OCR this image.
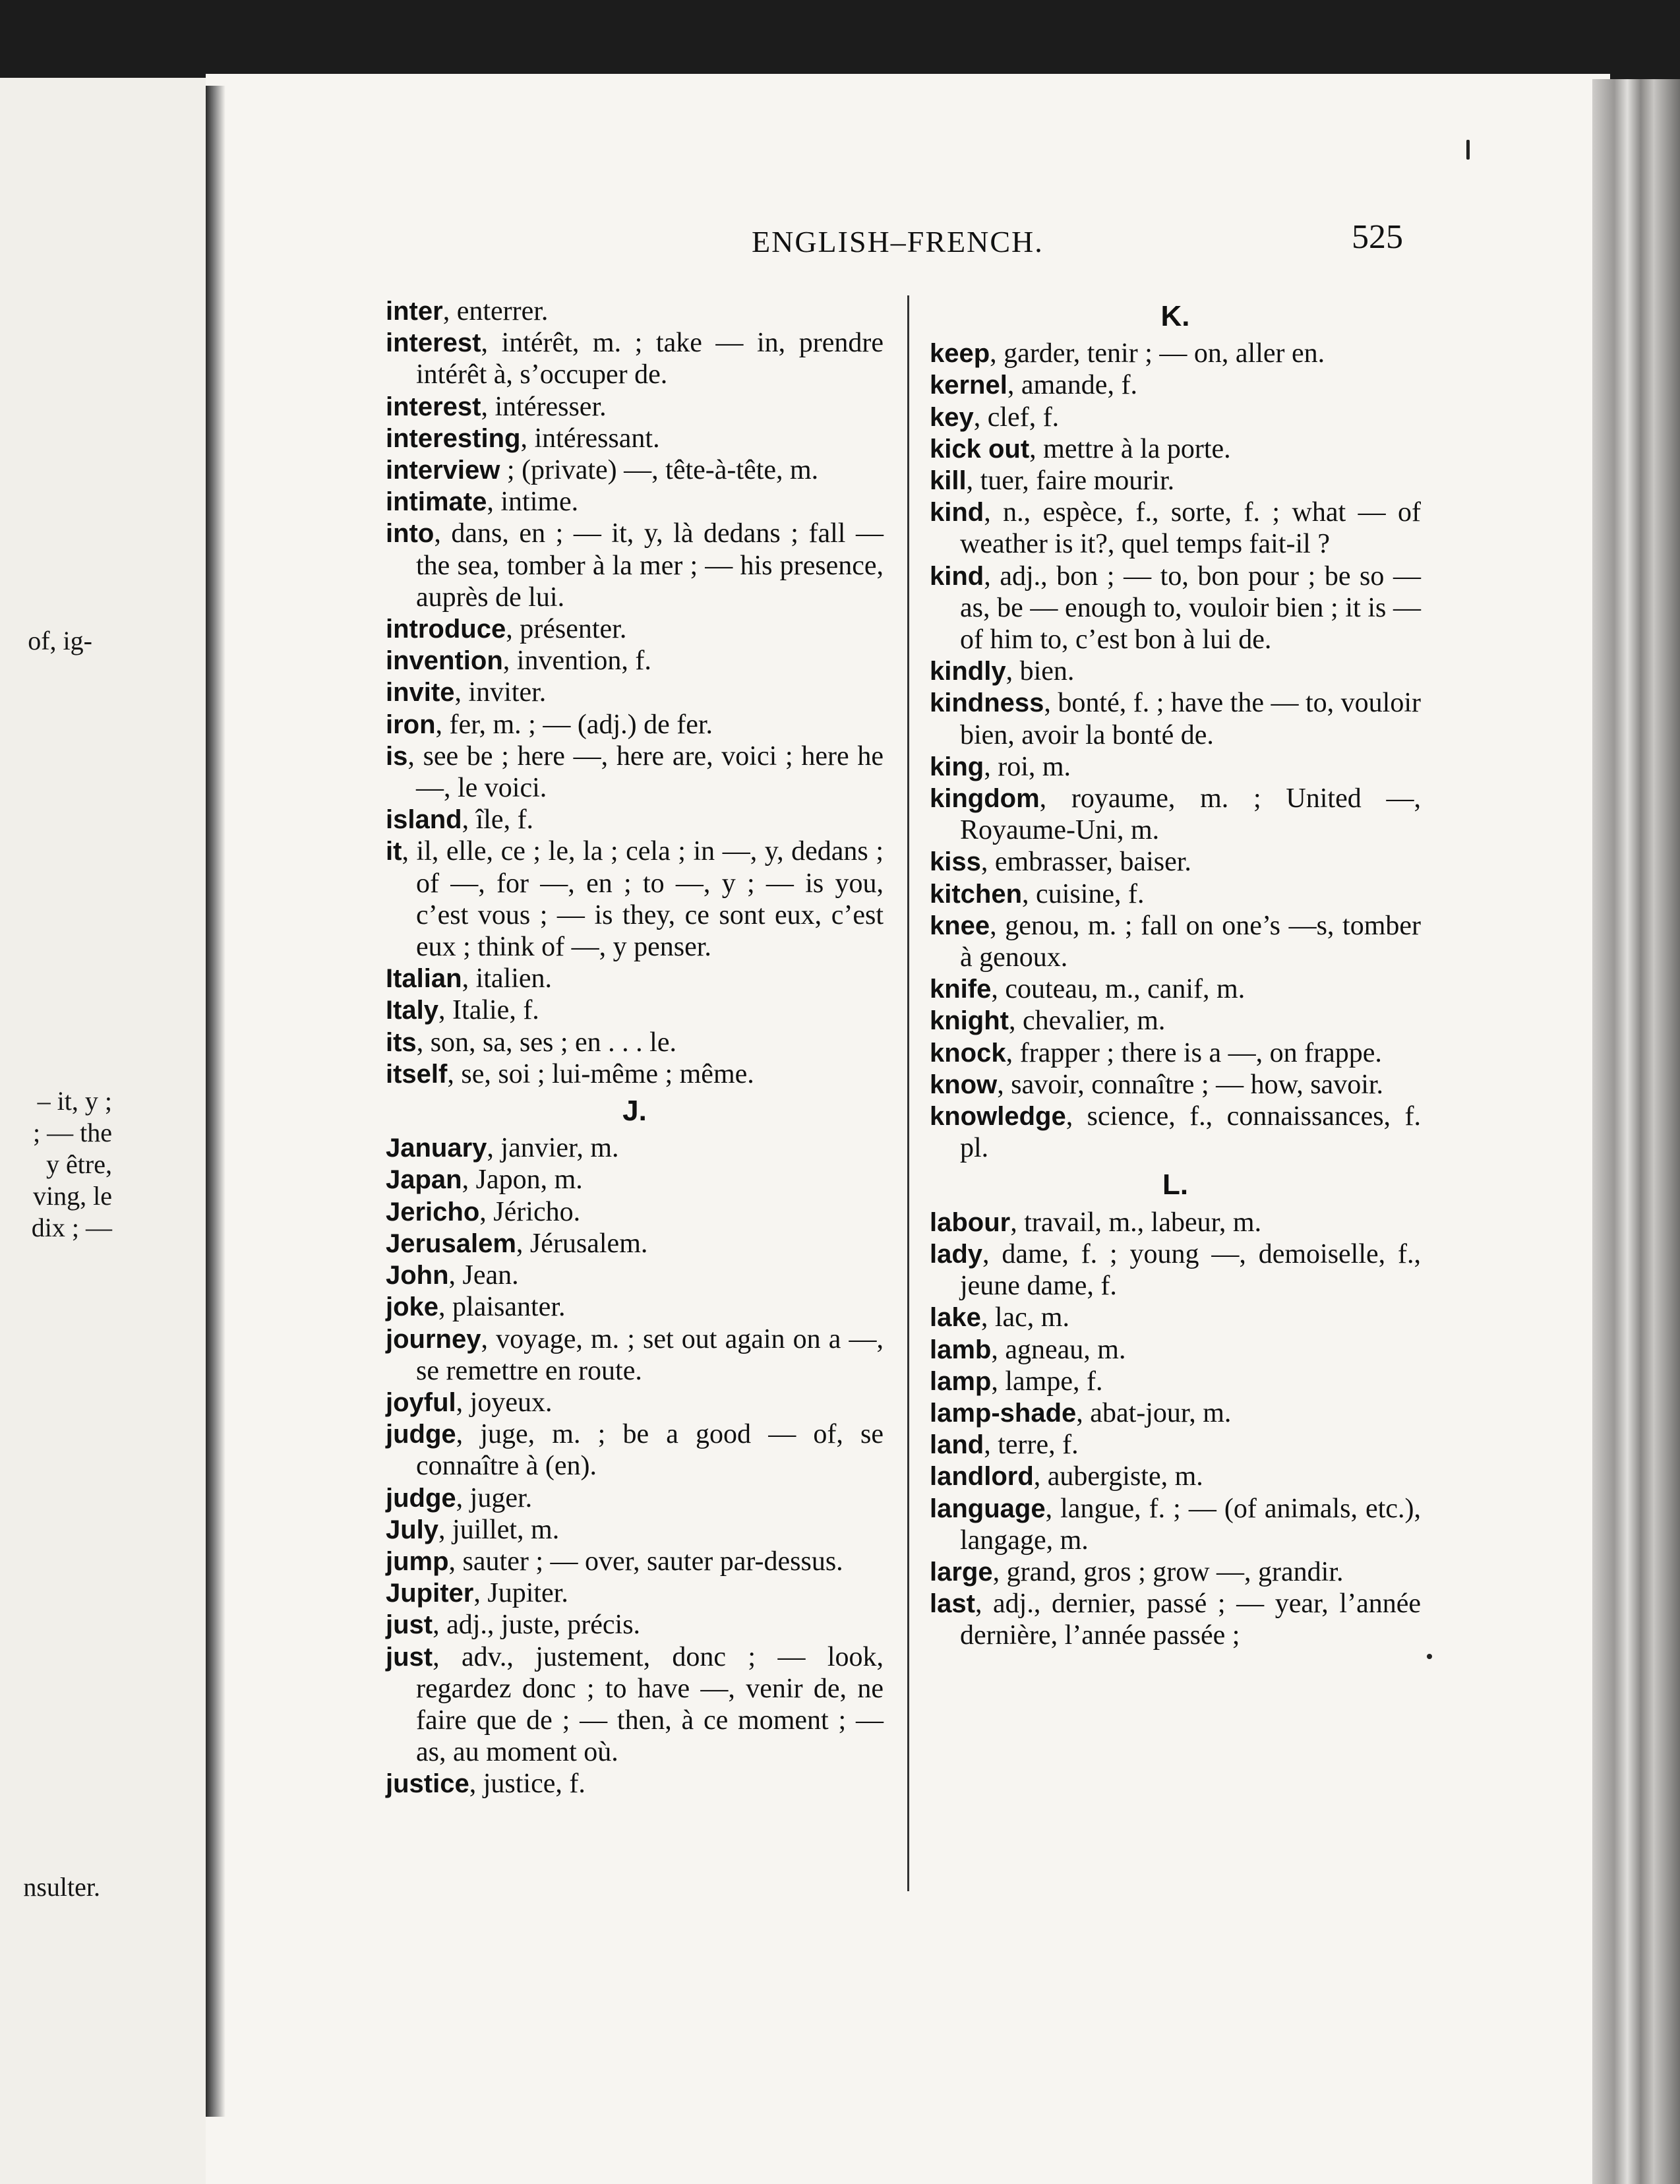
of, ig-
– it, y ;
; — the
y être,
ving, le
dix ; —
nsulter.
ENGLISH–FRENCH.	525
inter, enterrer.
interest, intérêt, m. ; take — in, prendre intérêt à, s’occuper de.
interest, intéresser.
interesting, intéressant.
interview ; (private) —, tête-à-tête, m.
intimate, intime.
into, dans, en ; — it, y, là dedans ; fall — the sea, tomber à la mer ; — his presence, auprès de lui.
introduce, présenter.
invention, invention, f.
invite, inviter.
iron, fer, m. ; — (adj.) de fer.
is, see be ; here —, here are, voici ; here he —, le voici.
island, île, f.
it, il, elle, ce ; le, la ; cela ; in —, y, dedans ; of —, for —, en ; to —, y ; — is you, c’est vous ; — is they, ce sont eux, c’est eux ; think of —, y penser.
Italian, italien.
Italy, Italie, f.
its, son, sa, ses ; en . . . le.
itself, se, soi ; lui-même ; même.
J.
January, janvier, m.
Japan, Japon, m.
Jericho, Jéricho.
Jerusalem, Jérusalem.
John, Jean.
joke, plaisanter.
journey, voyage, m. ; set out again on a —, se remettre en route.
joyful, joyeux.
judge, juge, m. ; be a good — of, se connaître à (en).
judge, juger.
July, juillet, m.
jump, sauter ; — over, sauter par-dessus.
Jupiter, Jupiter.
just, adj., juste, précis.
just, adv., justement, donc ; — look, regardez donc ; to have —, venir de, ne faire que de ; — then, à ce moment ; — as, au moment où.
justice, justice, f.
K.
keep, garder, tenir ; — on, aller en.
kernel, amande, f.
key, clef, f.
kick out, mettre à la porte.
kill, tuer, faire mourir.
kind, n., espèce, f., sorte, f. ; what — of weather is it?, quel temps fait-il ?
kind, adj., bon ; — to, bon pour ; be so — as, be — enough to, vouloir bien ; it is — of him to, c’est bon à lui de.
kindly, bien.
kindness, bonté, f. ; have the — to, vouloir bien, avoir la bonté de.
king, roi, m.
kingdom, royaume, m. ; United —, Royaume-Uni, m.
kiss, embrasser, baiser.
kitchen, cuisine, f.
knee, genou, m. ; fall on one’s —s, tomber à genoux.
knife, couteau, m., canif, m.
knight, chevalier, m.
knock, frapper ; there is a —, on frappe.
know, savoir, connaître ; — how, savoir.
knowledge, science, f., connaissances, f. pl.
L.
labour, travail, m., labeur, m.
lady, dame, f. ; young —, demoiselle, f., jeune dame, f.
lake, lac, m.
lamb, agneau, m.
lamp, lampe, f.
lamp-shade, abat-jour, m.
land, terre, f.
landlord, aubergiste, m.
language, langue, f. ; — (of animals, etc.), langage, m.
large, grand, gros ; grow —, grandir.
last, adj., dernier, passé ; — year, l’année dernière, l’année passée ;
